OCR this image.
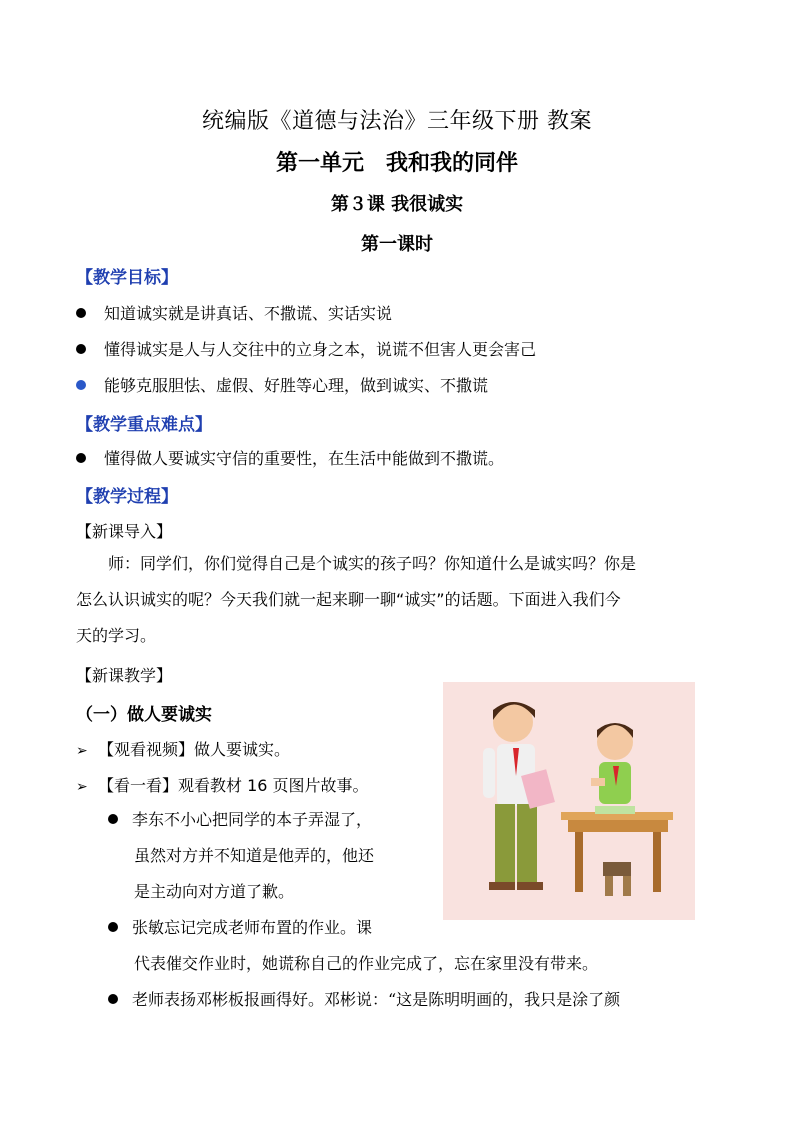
统编版《道德与法治》三年级下册 教案
第一单元　我和我的同伴
第３课 我很诚实
第一课时
【教学目标】
知道诚实就是讲真话、不撒谎、实话实说
懂得诚实是人与人交往中的立身之本，说谎不但害人更会害己
能够克服胆怯、虚假、好胜等心理，做到诚实、不撒谎
【教学重点难点】
懂得做人要诚实守信的重要性，在生活中能做到不撒谎。
【教学过程】
【新课导入】
　　师：同学们，你们觉得自己是个诚实的孩子吗？你知道什么是诚实吗？你是
怎么认识诚实的呢？今天我们就一起来聊一聊“诚实”的话题。下面进入我们今
天的学习。
【新课教学】
（一）做人要诚实
➢ 【观看视频】做人要诚实。
➢ 【看一看】观看教材 16 页图片故事。
李东不小心把同学的本子弄湿了，
虽然对方并不知道是他弄的，他还
是主动向对方道了歉。
张敏忘记完成老师布置的作业。课
代表催交作业时，她谎称自己的作业完成了，忘在家里没有带来。
老师表扬邓彬板报画得好。邓彬说：“这是陈明明画的，我只是涂了颜
